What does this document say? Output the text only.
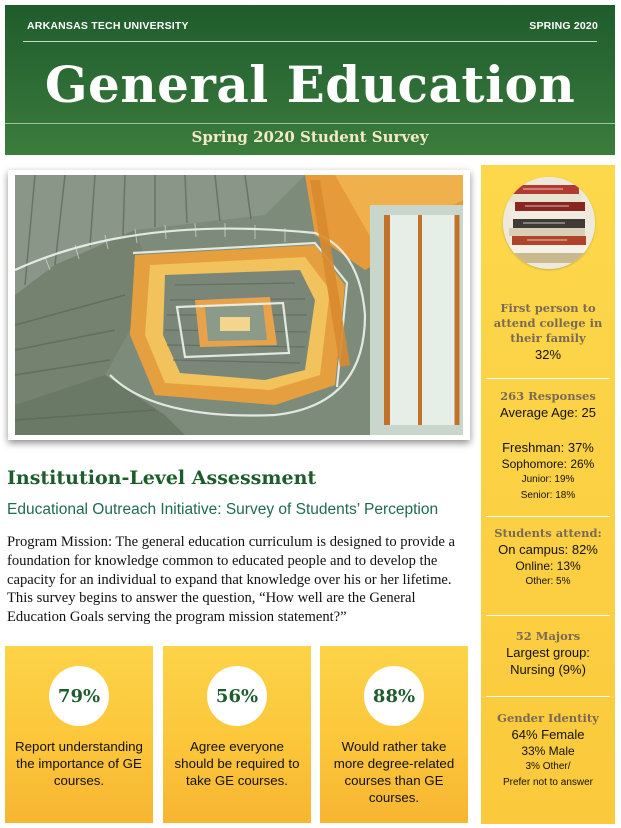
ARKANSAS TECH UNIVERSITY	SPRING 2020
General Education
Spring 2020 Student Survey
Institution-Level Assessment
Educational Outreach Initiative: Survey of Students’ Perception
Program Mission: The general education curriculum is designed to provide a foundation for knowledge common to educated people and to develop the capacity for an individual to expand that knowledge over his or her lifetime. This survey begins to answer the question, “How well are the General Education Goals serving the program mission statement?”
79%
Report understanding the importance of GE courses.
56%
Agree everyone should be required to take GE courses.
88%
Would rather take more degree-related courses than GE courses.
First person to attend college in their family
32%
263 Responses
Average Age: 25
Freshman: 37%
Sophomore: 26%
Junior: 19%
Senior: 18%
Students attend:
On campus: 82%
Online: 13%
Other: 5%
52 Majors
Largest group:
Nursing (9%)
Gender Identity
64% Female
33% Male
3% Other/
Prefer not to answer
